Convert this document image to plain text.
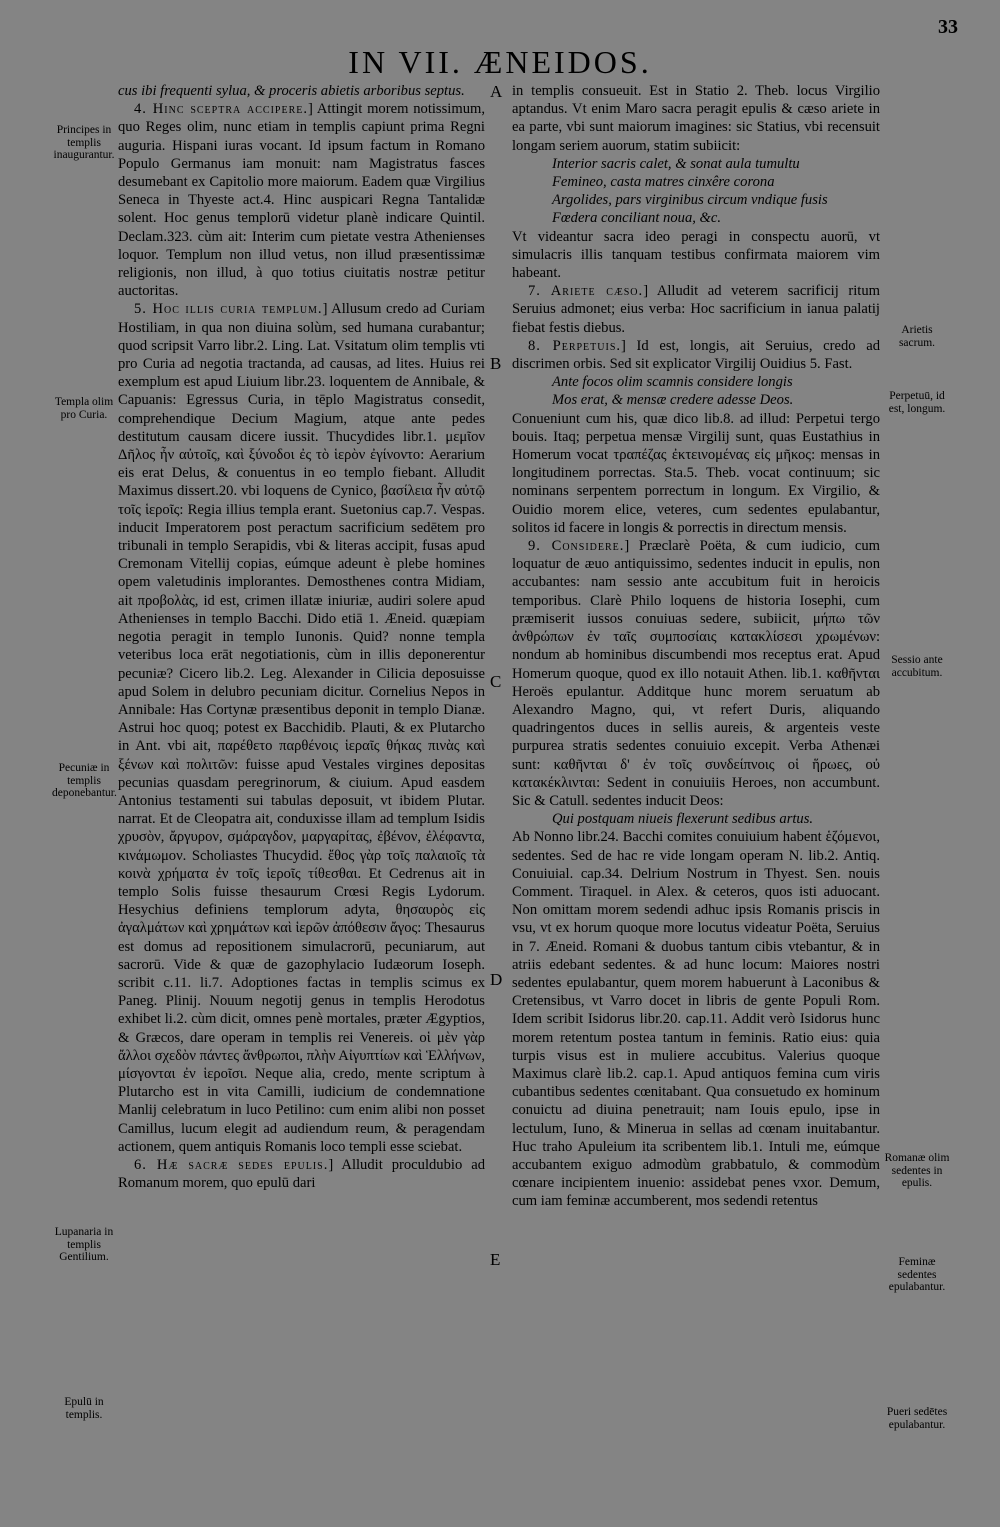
IN VII. ÆNEIDOS.
33

cus ibi frequenti sylua, & proceris abietis arboribus septus.

4. Hinc sceptra accipere.] Attingit morem notissimum, quo Reges olim, nunc etiam in templis capiunt prima Regni auguria. Hispani iuras vocant. Id ipsum factum in Romano Populo Germanus iam monuit: nam Magistratus fasces desumebant ex Capitolio more maiorum. Eadem quæ Virgilius Seneca in Thyeste act.4. Hinc auspicari Regna Tantalidæ solent. Hoc genus templorū videtur planè indicare Quintil. Declam.323. cùm ait: Interim cum pietate vestra Athenienses loquor. Templum non illud vetus, non illud præsentissimæ religionis, non illud, à quo totius ciuitatis nostræ petitur auctoritas.

5. Hoc illis curia templum.] Allusum credo ad Curiam Hostiliam, in qua non diuina solùm, sed humana curabantur; quod scripsit Varro libr.2. Ling. Lat. Vsitatum olim templis vti pro Curia ad negotia tractanda, ad causas, ad lites. Huius rei exemplum est apud Liuium libr.23. loquentem de Annibale, & Capuanis: Egressus Curia, in tēplo Magistratus consedit, comprehendique Decium Magium, atque ante pedes destitutum causam dicere iussit. Thucydides libr.1. μεμῖον Δῆλος ἦν αὐτοῖς, καὶ ξύνοδοι ἐς τὸ ἱερὸν ἐγίνοντο: Aerarium eis erat Delus, & conuentus in eo templo fiebant. Alludit Maximus dissert.20. vbi loquens de Cynico, βασίλεια ἦν αὐτῷ τοῖς ἱεροῖς: Regia illius templa erant. Suetonius cap.7. Vespas. inducit Imperatorem post peractum sacrificium sedētem pro tribunali in templo Serapidis, vbi & literas accipit, fusas apud Cremonam Vitellij copias, eúmque adeunt è plebe homines opem valetudinis implorantes. Demosthenes contra Midiam, ait προβολὰς, id est, crimen illatæ iniuriæ, audiri solere apud Athenienses in templo Bacchi. Dido etiā 1. Æneid. quæpiam negotia peragit in templo Iunonis. Quid? nonne templa veteribus loca erāt negotiationis, cùm in illis deponerentur pecuniæ? Cicero lib.2. Leg. Alexander in Cilicia deposuisse apud Solem in delubro pecuniam dicitur. Cornelius Nepos in Annibale: Has Cortynæ præsentibus deponit in templo Dianæ. Astrui hoc quoq; potest ex Bacchidib. Plauti, & ex Plutarcho in Ant. vbi ait, παρέθετο παρθένοις ἱεραῖς θήκας πινὰς καὶ ξένων καὶ πολιτῶν: fuisse apud Vestales virgines depositas pecunias quasdam peregrinorum, & ciuium. Apud easdem Antonius testamenti sui tabulas deposuit, vt ibidem Plutar. narrat. Et de Cleopatra ait, conduxisse illam ad templum Isidis χρυσὸν, ἄργυρον, σμάραγδον, μαργαρίτας, ἐβένον, ἐλέφαντα, κινάμωμον. Scholiastes Thucydid. ἔθος γὰρ τοῖς παλαιοῖς τὰ κοινὰ χρήματα ἐν τοῖς ἱεροῖς τίθεσθαι. Et Cedrenus ait in templo Solis fuisse thesaurum Crœsi Regis Lydorum. Hesychius definiens templorum adyta, θησαυρὸς εἰς ἀγαλμάτων καὶ χρημάτων καὶ ἱερῶν ἀπόθεσιν ἄγος: Thesaurus est domus ad repositionem simulacrorū, pecuniarum, aut sacrorū. Vide & quæ de gazophylacio Iudæorum Ioseph. scribit c.11. li.7. Adoptiones factas in templis scimus ex Paneg. Plinij. Nouum negotij genus in templis Herodotus exhibet li.2. cùm dicit, omnes penè mortales, præter Ægyptios, & Græcos, dare operam in templis rei Venereis. οἱ μὲν γὰρ ἄλλοι σχεδὸν πάντες ἄνθρωποι, πλὴν Αἰγυπτίων καὶ Ἑλλήνων, μίσγονται ἐν ἱεροῖσι. Neque alia, credo, mente scriptum à Plutarcho est in vita Camilli, iudicium de condemnatione Manlij celebratum in luco Petilino: cum enim alibi non posset Camillus, lucum elegit ad audiendum reum, & peragendam actionem, quem antiquis Romanis loco templi esse sciebat.

6. Hæ sacræ sedes epulis.] Alludit proculdubio ad Romanum morem, quo epulū dari

in templis consueuit. Est in Statio 2. Theb. locus Virgilio aptandus. Vt enim Maro sacra peragit epulis & cæso ariete in ea parte, vbi sunt maiorum imagines: sic Statius, vbi recensuit longam seriem auorum, statim subiicit:

Interior sacris calet, & sonat aula tumultu

Femineo, casta matres cinxêre corona

Argolides, pars virginibus circum vndique fusis

Fœdera conciliant noua, &c.

Vt videantur sacra ideo peragi in conspectu auorū, vt simulacris illis tanquam testibus confirmata maiorem vim habeant.

7. Ariete cæso.] Alludit ad veterem sacrificij ritum Seruius admonet; eius verba: Hoc sacrificium in ianua palatij fiebat festis diebus.

8. Perpetuis.] Id est, longis, ait Seruius, credo ad discrimen orbis. Sed sit explicator Virgilij Ouidius 5. Fast.

Ante focos olim scamnis considere longis

Mos erat, & mensæ credere adesse Deos.

Conueniunt cum his, quæ dico lib.8. ad illud: Perpetui tergo bouis. Itaq; perpetua mensæ Virgilij sunt, quas Eustathius in Homerum vocat τραπέζας ἐκτεινομένας εἰς μῆκος: mensas in longitudinem porrectas. Sta.5. Theb. vocat continuum; sic nominans serpentem porrectum in longum. Ex Virgilio, & Ouidio morem elice, veteres, cum sedentes epulabantur, solitos id facere in longis & porrectis in directum mensis.

9. Considere.] Præclarè Poëta, & cum iudicio, cum loquatur de æuo antiquissimo, sedentes inducit in epulis, non accubantes: nam sessio ante accubitum fuit in heroicis temporibus. Clarè Philo loquens de historia Iosephi, cum præmiserit iussos conuiuas sedere, subiicit, μήπω τῶν ἀνθρώπων ἐν ταῖς συμποσίαις κατακλίσεσι χρωμένων: nondum ab hominibus discumbendi mos receptus erat. Apud Homerum quoque, quod ex illo notauit Athen. lib.1. καθῆνται Heroës epulantur. Additque hunc morem seruatum ab Alexandro Magno, qui, vt refert Duris, aliquando quadringentos duces in sellis aureis, & argenteis veste purpurea stratis sedentes conuiuio excepit. Verba Athenæi sunt: καθῆνται δ' ἐν τοῖς συνδείπνοις οἱ ἥρωες, οὐ κατακέκλινται: Sedent in conuiuiis Heroes, non accumbunt. Sic & Catull. sedentes inducit Deos:

Qui postquam niueis flexerunt sedibus artus.

Ab Nonno libr.24. Bacchi comites conuiuium habent ἑζόμενοι, sedentes. Sed de hac re vide longam operam N. lib.2. Antiq. Conuiuial. cap.34. Delrium Nostrum in Thyest. Sen. nouis Comment. Tiraquel. in Alex. & ceteros, quos isti aduocant. Non omittam morem sedendi adhuc ipsis Romanis priscis in vsu, vt ex horum quoque more locutus videatur Poëta, Seruius in 7. Æneid. Romani & duobus tantum cibis vtebantur, & in atriis edebant sedentes. & ad hunc locum: Maiores nostri sedentes epulabantur, quem morem habuerunt à Laconibus & Cretensibus, vt Varro docet in libris de gente Populi Rom. Idem scribit Isidorus libr.20. cap.11. Addit verò Isidorus hunc morem retentum postea tantum in feminis. Ratio eius: quia turpis visus est in muliere accubitus. Valerius quoque Maximus clarè lib.2. cap.1. Apud antiquos femina cum viris cubantibus sedentes cœnitabant. Qua consuetudo ex hominum conuictu ad diuina penetrauit; nam Iouis epulo, ipse in lectulum, Iuno, & Minerua in sellas ad cœnam inuitabantur. Huc traho Apuleium ita scribentem lib.1. Intuli me, eúmque accubantem exiguo admodùm grabbatulo, & commodùm cœnare incipientem inuenio: assidebat penes vxor. Demum, cum iam feminæ accumberent, mos sedendi retentus

A
B
C
D
E
Principes in templis inaugurantur.
Templa olim pro Curia.
Pecuniæ in templis deponebantur.
Lupanaria in templis Gentilium.
Epulū in templis.
Arietis sacrum.
Perpetuū, id est, longum.
Sessio ante accubitum.
Romanæ olim sedentes in epulis.
Feminæ sedentes epulabantur.
Pueri sedētes epulabantur.
